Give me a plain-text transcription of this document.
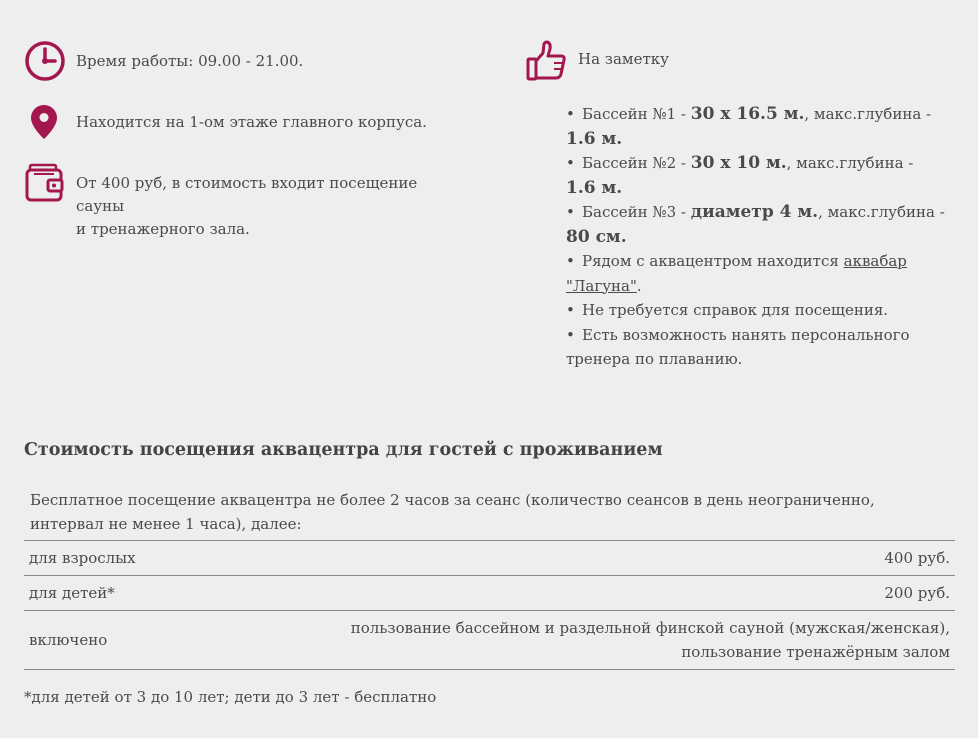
Время работы: 09.00 - 21.00.
Находится на 1-ом этаже главного корпуса.
От 400 руб, в стоимость входит посещение сауны
и тренажерного зала.
На заметку
• Бассейн №1 - 30 х 16.5 м., макс.глубина - 1.6 м.
• Бассейн №2 - 30 х 10 м., макс.глубина - 1.6 м.
• Бассейн №3 - диаметр 4 м., макс.глубина - 80 см.
• Рядом с аквацентром находится аквабар "Лагуна".
• Не требуется справок для посещения.
• Есть возможность нанять персонального тренера по плаванию.
Стоимость посещения аквацентра для гостей с проживанием
Бесплатное посещение аквацентра не более 2 часов за сеанс (количество сеансов в день неограниченно, интервал не менее 1 часа), далее:
для взрослых	400 руб.
для детей*	200 руб.
включено
пользование бассейном и раздельной финской сауной (мужская/женская), пользование тренажёрным залом
*для детей от 3 до 10 лет; дети до 3 лет - бесплатно
